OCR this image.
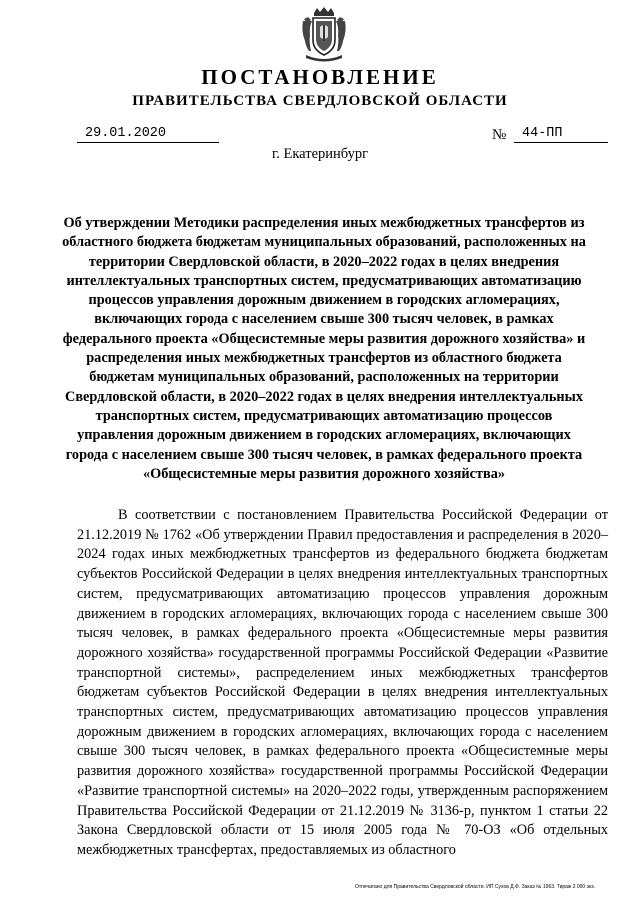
ПОСТАНОВЛЕНИЕ
ПРАВИТЕЛЬСТВА СВЕРДЛОВСКОЙ ОБЛАСТИ
29.01.2020	№	44-ПП
г. Екатеринбург

Об утверждении Методики распределения иных межбюджетных трансфертов из областного бюджета бюджетам муниципальных образований, расположенных на территории Свердловской области, в 2020–2022 годах в целях внедрения интеллектуальных транспортных систем, предусматривающих автоматизацию процессов управления дорожным движением в городских агломерациях, включающих города с населением свыше 300 тысяч человек, в рамках федерального проекта «Общесистемные меры развития дорожного хозяйства» и распределения иных межбюджетных трансфертов из областного бюджета бюджетам муниципальных образований, расположенных на территории Свердловской области, в 2020–2022 годах в целях внедрения интеллектуальных транспортных систем, предусматривающих автоматизацию процессов управления дорожным движением в городских агломерациях, включающих города с населением свыше 300 тысяч человек, в рамках федерального проекта «Общесистемные меры развития дорожного хозяйства»

В соответствии с постановлением Правительства Российской Федерации от 21.12.2019 № 1762 «Об утверждении Правил предоставления и распределения в 2020–2024 годах иных межбюджетных трансфертов из федерального бюджета бюджетам субъектов Российской Федерации в целях внедрения интеллектуальных транспортных систем, предусматривающих автоматизацию процессов управления дорожным движением в городских агломерациях, включающих города с населением свыше 300 тысяч человек, в рамках федерального проекта «Общесистемные меры развития дорожного хозяйства» государственной программы Российской Федерации «Развитие транспортной системы», распределением иных межбюджетных трансфертов бюджетам субъектов Российской Федерации в целях внедрения интеллектуальных транспортных систем, предусматривающих автоматизацию процессов управления дорожным движением в городских агломерациях, включающих города с населением свыше 300 тысяч человек, в рамках федерального проекта «Общесистемные меры развития дорожного хозяйства» государственной программы Российской Федерации «Развитие транспортной системы» на 2020–2022 годы, утвержденным распоряжением Правительства Российской Федерации от 21.12.2019 № 3136-р, пунктом 1 статьи 22 Закона Свердловской области от 15 июля 2005 года № 70-ОЗ «Об отдельных межбюджетных трансфертах, предоставляемых из областного

Отпечатано для Правительства Свердловской области. ИП Сухов Д.Ф. Заказ № 1963. Тираж 2 000 экз.
